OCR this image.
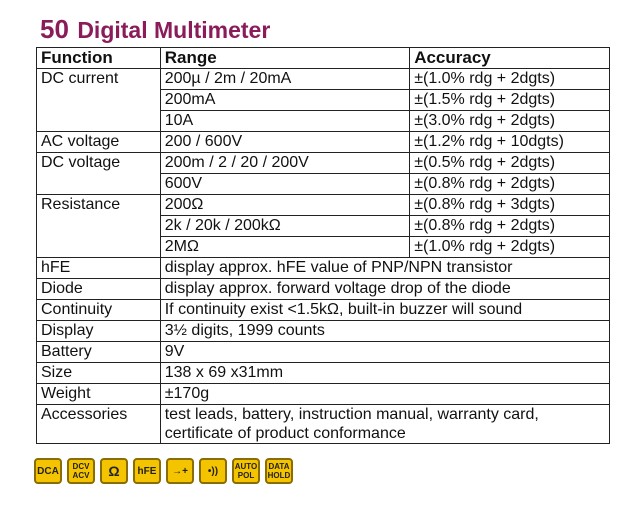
50 Digital Multimeter
Function	Range	Accuracy
DC current	200µ / 2m / 20mA	±(1.0% rdg + 2dgts)
	200mA	±(1.5% rdg + 2dgts)
	10A	±(3.0% rdg + 2dgts)
AC voltage	200 / 600V	±(1.2% rdg + 10dgts)
DC voltage	200m / 2 / 20 / 200V	±(0.5% rdg + 2dgts)
	600V	±(0.8% rdg + 2dgts)
Resistance	200Ω	±(0.8% rdg + 3dgts)
	2k / 20k / 200kΩ	±(0.8% rdg + 2dgts)
	2MΩ	±(1.0% rdg + 2dgts)
hFE	display approx. hFE value of PNP/NPN transistor	
Diode	display approx. forward voltage drop of the diode	
Continuity	If continuity exist <1.5kΩ, built-in buzzer will sound	
Display	3½ digits, 1999 counts	
Battery	9V	
Size	138 x 69 x31mm	
Weight	±170g	
Accessories	test leads, battery, instruction manual, warranty card, certificate of product conformance	
DCA DCV
ACV Ω hFE →+ •)) AUTO
POL
DATA
HOLD
